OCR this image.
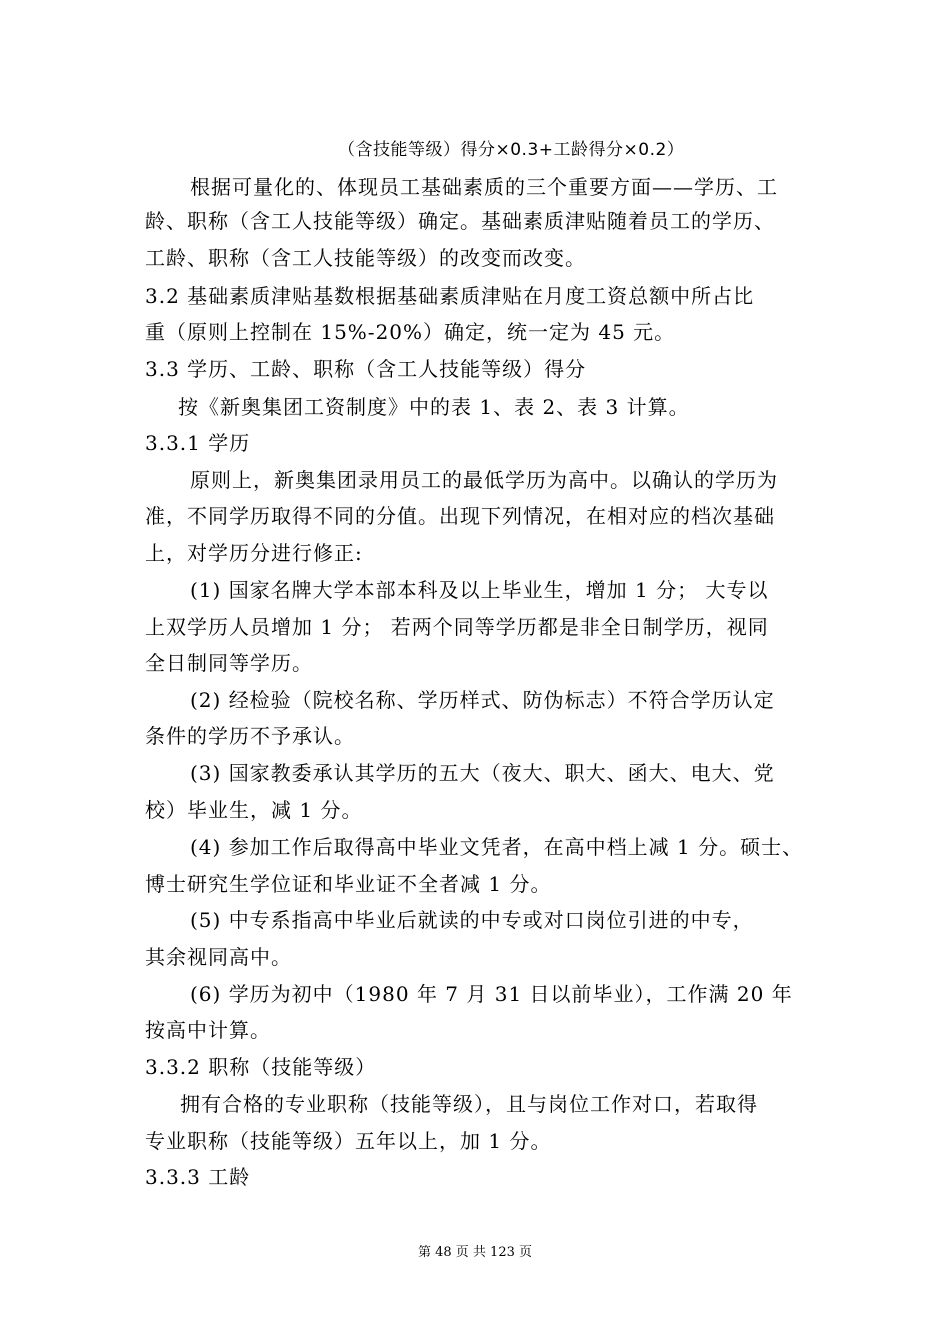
（含技能等级）得分×0.3+工龄得分×0.2）
根据可量化的、体现员工基础素质的三个重要方面——学历、工
龄、职称（含工人技能等级）确定。基础素质津贴随着员工的学历、
工龄、职称（含工人技能等级）的改变而改变。
3.2 基础素质津贴基数根据基础素质津贴在月度工资总额中所占比
重（原则上控制在 15%-20%）确定，统一定为 45 元。
3.3 学历、工龄、职称（含工人技能等级）得分
按《新奥集团工资制度》中的表 1、表 2、表 3 计算。
3.3.1 学历
原则上，新奥集团录用员工的最低学历为高中。以确认的学历为
准，不同学历取得不同的分值。出现下列情况，在相对应的档次基础
上，对学历分进行修正:
(1) 国家名牌大学本部本科及以上毕业生，增加 1 分； 大专以
上双学历人员增加 1 分； 若两个同等学历都是非全日制学历，视同
全日制同等学历。
(2) 经检验（院校名称、学历样式、防伪标志）不符合学历认定
条件的学历不予承认。
(3) 国家教委承认其学历的五大（夜大、职大、函大、电大、党
校）毕业生，减 1 分。
(4) 参加工作后取得高中毕业文凭者，在高中档上减 1 分。硕士、
博士研究生学位证和毕业证不全者减 1 分。
(5) 中专系指高中毕业后就读的中专或对口岗位引进的中专，
其余视同高中。
(6) 学历为初中（1980 年 7 月 31 日以前毕业），工作满 20 年
按高中计算。
3.3.2 职称（技能等级）
拥有合格的专业职称（技能等级），且与岗位工作对口，若取得
专业职称（技能等级）五年以上，加 1 分。
3.3.3 工龄
第 48 页 共 123 页
